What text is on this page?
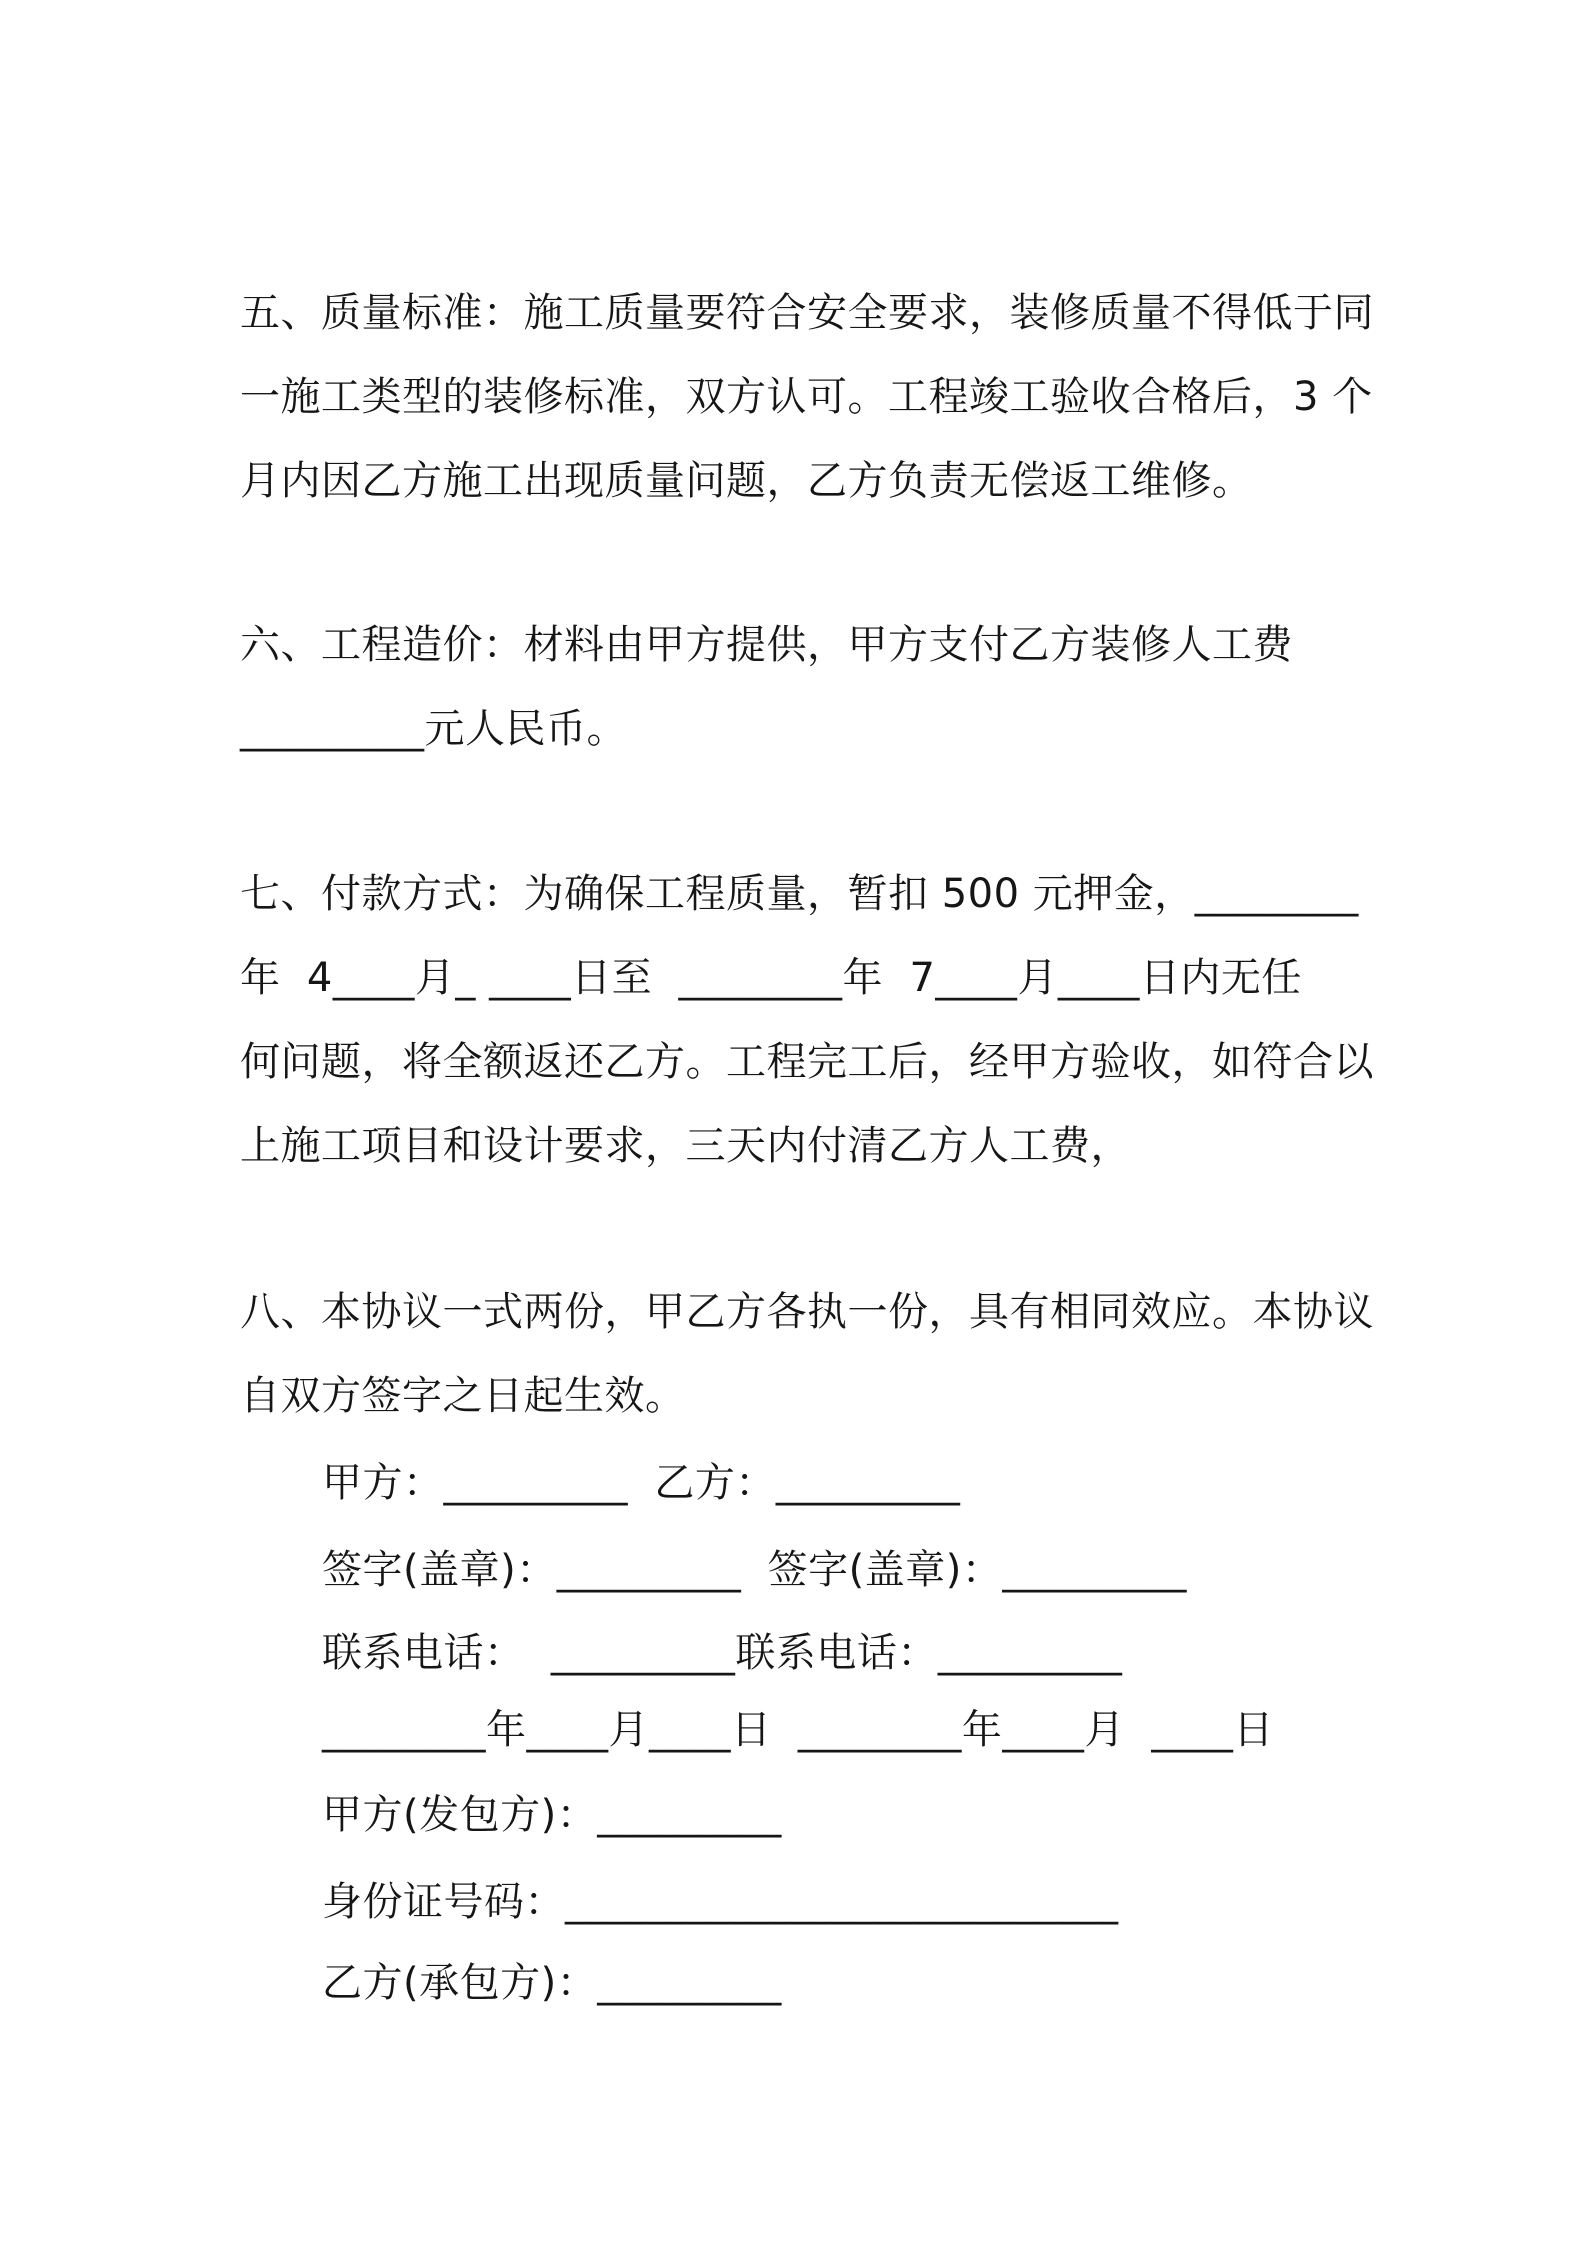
五、质量标准：施工质量要符合安全要求，装修质量不得低于同

一施工类型的装修标准，双方认可。工程竣工验收合格后，3 个

月内因乙方施工出现质量问题，乙方负责无偿返工维修。

六、工程造价：材料由甲方提供，甲方支付乙方装修人工费

_________元人民币。

七、付款方式：为确保工程质量，暂扣 500 元押金，________

年  4____月_ ____日至  ________年  7____月____日内无任

何问题，将全额返还乙方。工程完工后，经甲方验收，如符合以

上施工项目和设计要求，三天内付清乙方人工费，

八、本协议一式两份，甲乙方各执一份，具有相同效应。本协议

自双方签字之日起生效。

甲方：_________  乙方：_________

签字(盖章)：_________  签字(盖章)：_________

联系电话：  _________联系电话：_________

________年____月____日  ________年____月  ____日

甲方(发包方)：_________

身份证号码：___________________________

乙方(承包方)：_________
